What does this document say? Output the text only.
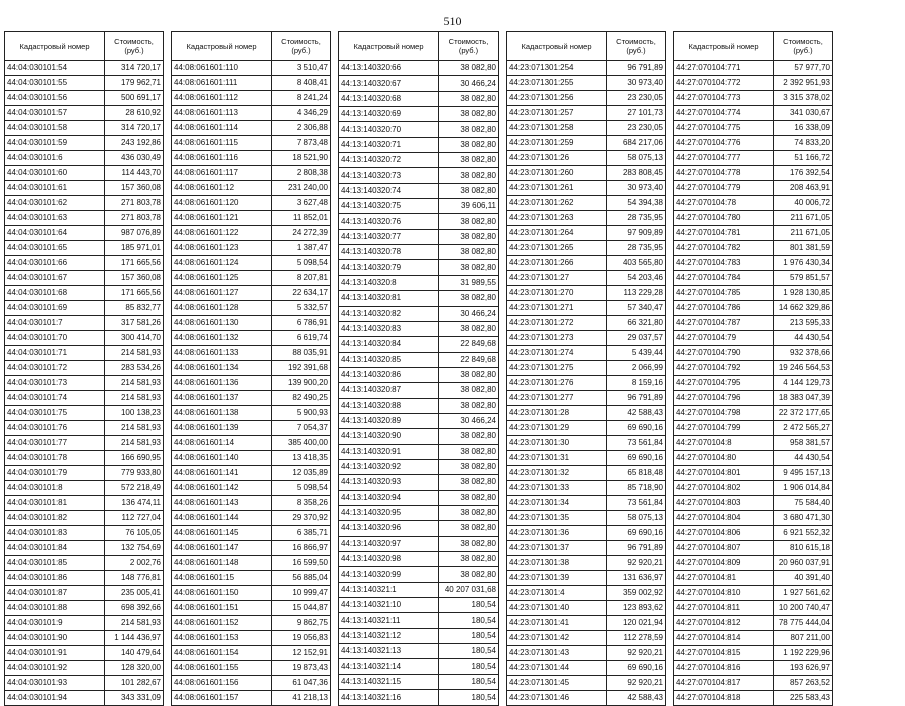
510
Кадастровый номер	Стоимость, (руб.)
44:04:030101:54	314 720,17
44:04:030101:55	179 962,71
44:04:030101:56	500 691,17
44:04:030101:57	28 610,92
44:04:030101:58	314 720,17
44:04:030101:59	243 192,86
44:04:030101:6	436 030,49
44:04:030101:60	114 443,70
44:04:030101:61	157 360,08
44:04:030101:62	271 803,78
44:04:030101:63	271 803,78
44:04:030101:64	987 076,89
44:04:030101:65	185 971,01
44:04:030101:66	171 665,56
44:04:030101:67	157 360,08
44:04:030101:68	171 665,56
44:04:030101:69	85 832,77
44:04:030101:7	317 581,26
44:04:030101:70	300 414,70
44:04:030101:71	214 581,93
44:04:030101:72	283 534,26
44:04:030101:73	214 581,93
44:04:030101:74	214 581,93
44:04:030101:75	100 138,23
44:04:030101:76	214 581,93
44:04:030101:77	214 581,93
44:04:030101:78	166 690,95
44:04:030101:79	779 933,80
44:04:030101:8	572 218,49
44:04:030101:81	136 474,11
44:04:030101:82	112 727,04
44:04:030101:83	76 105,05
44:04:030101:84	132 754,69
44:04:030101:85	2 002,76
44:04:030101:86	148 776,81
44:04:030101:87	235 005,41
44:04:030101:88	698 392,66
44:04:030101:9	214 581,93
44:04:030101:90	1 144 436,97
44:04:030101:91	140 479,64
44:04:030101:92	128 320,00
44:04:030101:93	101 282,67
44:04:030101:94	343 331,09
Кадастровый номер	Стоимость, (руб.)
44:08:061601:110	3 510,47
44:08:061601:111	8 408,41
44:08:061601:112	8 241,24
44:08:061601:113	4 346,29
44:08:061601:114	2 306,88
44:08:061601:115	7 873,48
44:08:061601:116	18 521,90
44:08:061601:117	2 808,38
44:08:061601:12	231 240,00
44:08:061601:120	3 627,48
44:08:061601:121	11 852,01
44:08:061601:122	24 272,39
44:08:061601:123	1 387,47
44:08:061601:124	5 098,54
44:08:061601:125	8 207,81
44:08:061601:127	22 634,17
44:08:061601:128	5 332,57
44:08:061601:130	6 786,91
44:08:061601:132	6 619,74
44:08:061601:133	88 035,91
44:08:061601:134	192 391,68
44:08:061601:136	139 900,20
44:08:061601:137	82 490,25
44:08:061601:138	5 900,93
44:08:061601:139	7 054,37
44:08:061601:14	385 400,00
44:08:061601:140	13 418,35
44:08:061601:141	12 035,89
44:08:061601:142	5 098,54
44:08:061601:143	8 358,26
44:08:061601:144	29 370,92
44:08:061601:145	6 385,71
44:08:061601:147	16 866,97
44:08:061601:148	16 599,50
44:08:061601:15	56 885,04
44:08:061601:150	10 999,47
44:08:061601:151	15 044,87
44:08:061601:152	9 862,75
44:08:061601:153	19 056,83
44:08:061601:154	12 152,91
44:08:061601:155	19 873,43
44:08:061601:156	61 047,36
44:08:061601:157	41 218,13
Кадастровый номер	Стоимость, (руб.)
44:13:140320:66	38 082,80
44:13:140320:67	30 466,24
44:13:140320:68	38 082,80
44:13:140320:69	38 082,80
44:13:140320:70	38 082,80
44:13:140320:71	38 082,80
44:13:140320:72	38 082,80
44:13:140320:73	38 082,80
44:13:140320:74	38 082,80
44:13:140320:75	39 606,11
44:13:140320:76	38 082,80
44:13:140320:77	38 082,80
44:13:140320:78	38 082,80
44:13:140320:79	38 082,80
44:13:140320:8	31 989,55
44:13:140320:81	38 082,80
44:13:140320:82	30 466,24
44:13:140320:83	38 082,80
44:13:140320:84	22 849,68
44:13:140320:85	22 849,68
44:13:140320:86	38 082,80
44:13:140320:87	38 082,80
44:13:140320:88	38 082,80
44:13:140320:89	30 466,24
44:13:140320:90	38 082,80
44:13:140320:91	38 082,80
44:13:140320:92	38 082,80
44:13:140320:93	38 082,80
44:13:140320:94	38 082,80
44:13:140320:95	38 082,80
44:13:140320:96	38 082,80
44:13:140320:97	38 082,80
44:13:140320:98	38 082,80
44:13:140320:99	38 082,80
44:13:140321:1	40 207 031,68
44:13:140321:10	180,54
44:13:140321:11	180,54
44:13:140321:12	180,54
44:13:140321:13	180,54
44:13:140321:14	180,54
44:13:140321:15	180,54
44:13:140321:16	180,54
Кадастровый номер	Стоимость, (руб.)
44:23:071301:254	96 791,89
44:23:071301:255	30 973,40
44:23:071301:256	23 230,05
44:23:071301:257	27 101,73
44:23:071301:258	23 230,05
44:23:071301:259	684 217,06
44:23:071301:26	58 075,13
44:23:071301:260	283 808,45
44:23:071301:261	30 973,40
44:23:071301:262	54 394,38
44:23:071301:263	28 735,95
44:23:071301:264	97 909,89
44:23:071301:265	28 735,95
44:23:071301:266	403 565,80
44:23:071301:27	54 203,46
44:23:071301:270	113 229,28
44:23:071301:271	57 340,47
44:23:071301:272	66 321,80
44:23:071301:273	29 037,57
44:23:071301:274	5 439,44
44:23:071301:275	2 066,99
44:23:071301:276	8 159,16
44:23:071301:277	96 791,89
44:23:071301:28	42 588,43
44:23:071301:29	69 690,16
44:23:071301:30	73 561,84
44:23:071301:31	69 690,16
44:23:071301:32	65 818,48
44:23:071301:33	85 718,90
44:23:071301:34	73 561,84
44:23:071301:35	58 075,13
44:23:071301:36	69 690,16
44:23:071301:37	96 791,89
44:23:071301:38	92 920,21
44:23:071301:39	131 636,97
44:23:071301:4	359 002,92
44:23:071301:40	123 893,62
44:23:071301:41	120 021,94
44:23:071301:42	112 278,59
44:23:071301:43	92 920,21
44:23:071301:44	69 690,16
44:23:071301:45	92 920,21
44:23:071301:46	42 588,43
Кадастровый номер	Стоимость, (руб.)
44:27:070104:771	57 977,70
44:27:070104:772	2 392 951,93
44:27:070104:773	3 315 378,02
44:27:070104:774	341 030,67
44:27:070104:775	16 338,09
44:27:070104:776	74 833,20
44:27:070104:777	51 166,72
44:27:070104:778	176 392,54
44:27:070104:779	208 463,91
44:27:070104:78	40 006,72
44:27:070104:780	211 671,05
44:27:070104:781	211 671,05
44:27:070104:782	801 381,59
44:27:070104:783	1 976 430,34
44:27:070104:784	579 851,57
44:27:070104:785	1 928 130,85
44:27:070104:786	14 662 329,86
44:27:070104:787	213 595,33
44:27:070104:79	44 430,54
44:27:070104:790	932 378,66
44:27:070104:792	19 246 564,53
44:27:070104:795	4 144 129,73
44:27:070104:796	18 383 047,39
44:27:070104:798	22 372 177,65
44:27:070104:799	2 472 565,27
44:27:070104:8	958 381,57
44:27:070104:80	44 430,54
44:27:070104:801	9 495 157,13
44:27:070104:802	1 906 014,84
44:27:070104:803	75 584,40
44:27:070104:804	3 680 471,30
44:27:070104:806	6 921 552,32
44:27:070104:807	810 615,18
44:27:070104:809	20 960 037,91
44:27:070104:81	40 391,40
44:27:070104:810	1 927 561,62
44:27:070104:811	10 200 740,47
44:27:070104:812	78 775 444,04
44:27:070104:814	807 211,00
44:27:070104:815	1 192 229,96
44:27:070104:816	193 626,97
44:27:070104:817	857 263,52
44:27:070104:818	225 583,43
